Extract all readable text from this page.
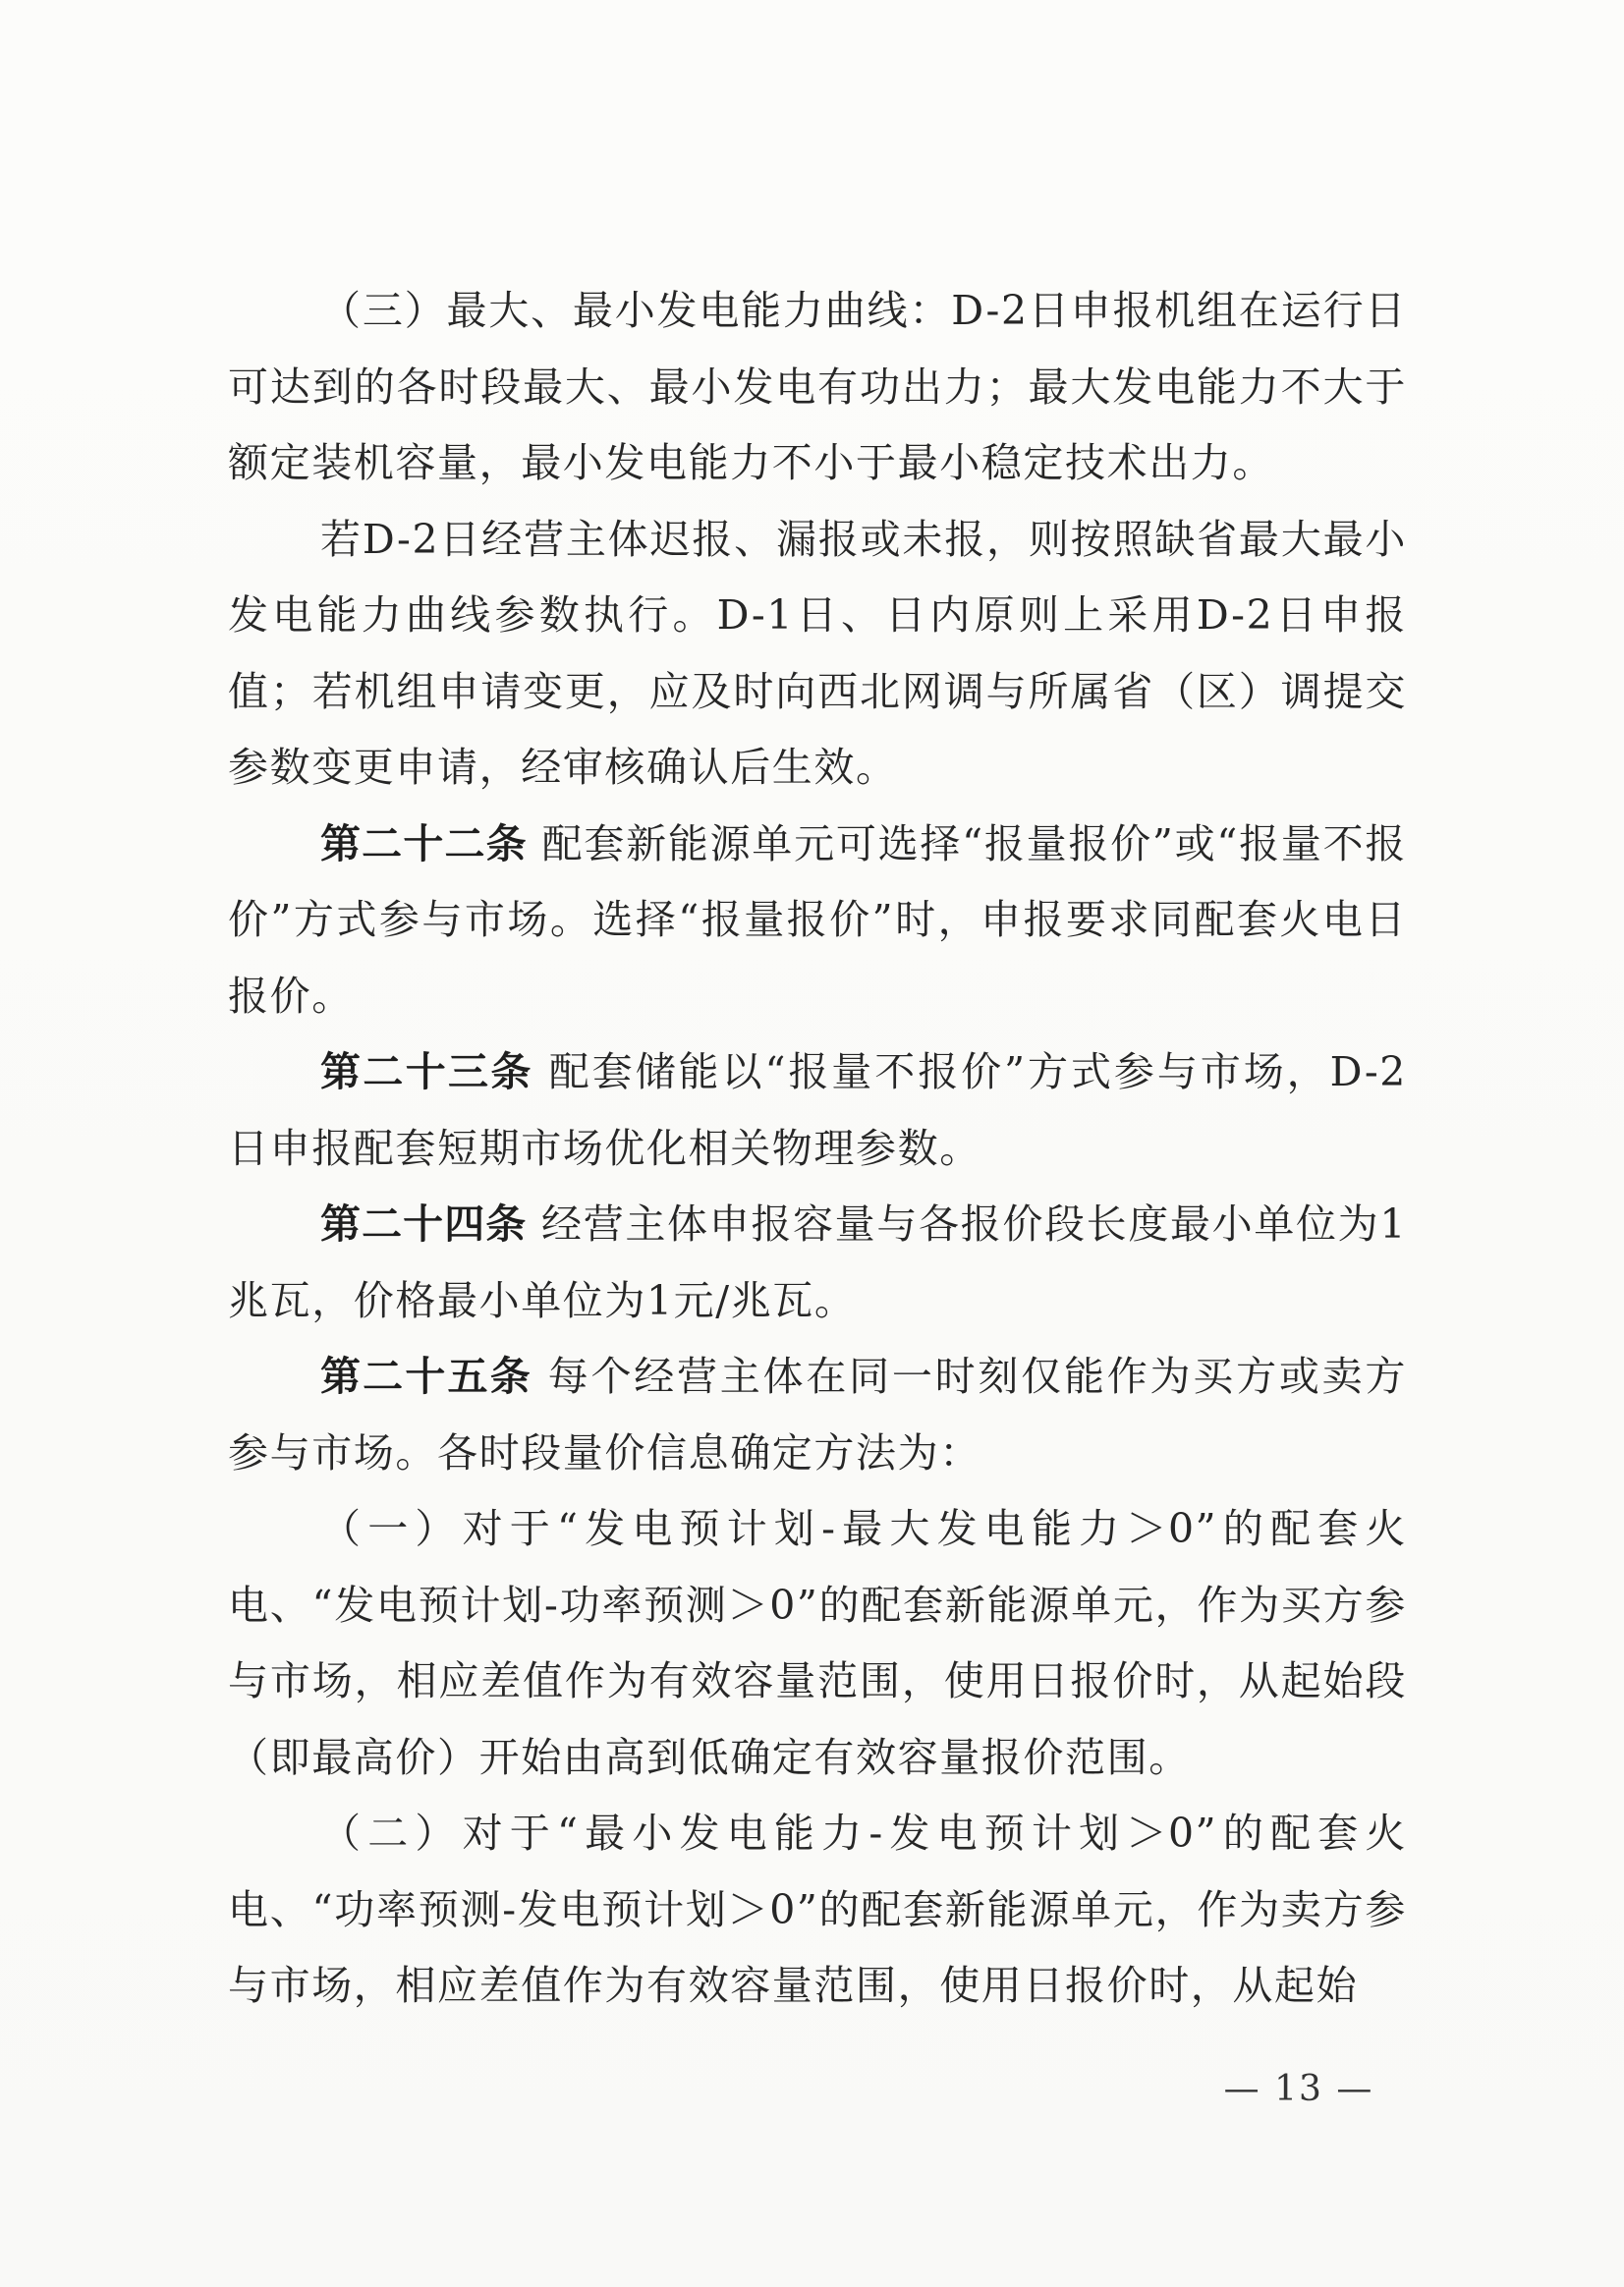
（三）最大、最小发电能力曲线：D-2日申报机组在运行日可达到的各时段最大、最小发电有功出力；最大发电能力不大于额定装机容量，最小发电能力不小于最小稳定技术出力。

若D-2日经营主体迟报、漏报或未报，则按照缺省最大最小发电能力曲线参数执行。D-1日、日内原则上采用D-2日申报值；若机组申请变更，应及时向西北网调与所属省（区）调提交参数变更申请，经审核确认后生效。

第二十二条 配套新能源单元可选择“报量报价”或“报量不报价”方式参与市场。选择“报量报价”时，申报要求同配套火电日报价。

第二十三条 配套储能以“报量不报价”方式参与市场，D-2日申报配套短期市场优化相关物理参数。

第二十四条 经营主体申报容量与各报价段长度最小单位为1兆瓦，价格最小单位为1元/兆瓦。

第二十五条 每个经营主体在同一时刻仅能作为买方或卖方参与市场。各时段量价信息确定方法为：

（一）对于“发电预计划-最大发电能力＞0”的配套火电、“发电预计划-功率预测＞0”的配套新能源单元，作为买方参与市场，相应差值作为有效容量范围，使用日报价时，从起始段（即最高价）开始由高到低确定有效容量报价范围。

（二）对于“最小发电能力-发电预计划＞0”的配套火电、“功率预测-发电预计划＞0”的配套新能源单元，作为卖方参与市场，相应差值作为有效容量范围，使用日报价时，从起始

— 13 —
